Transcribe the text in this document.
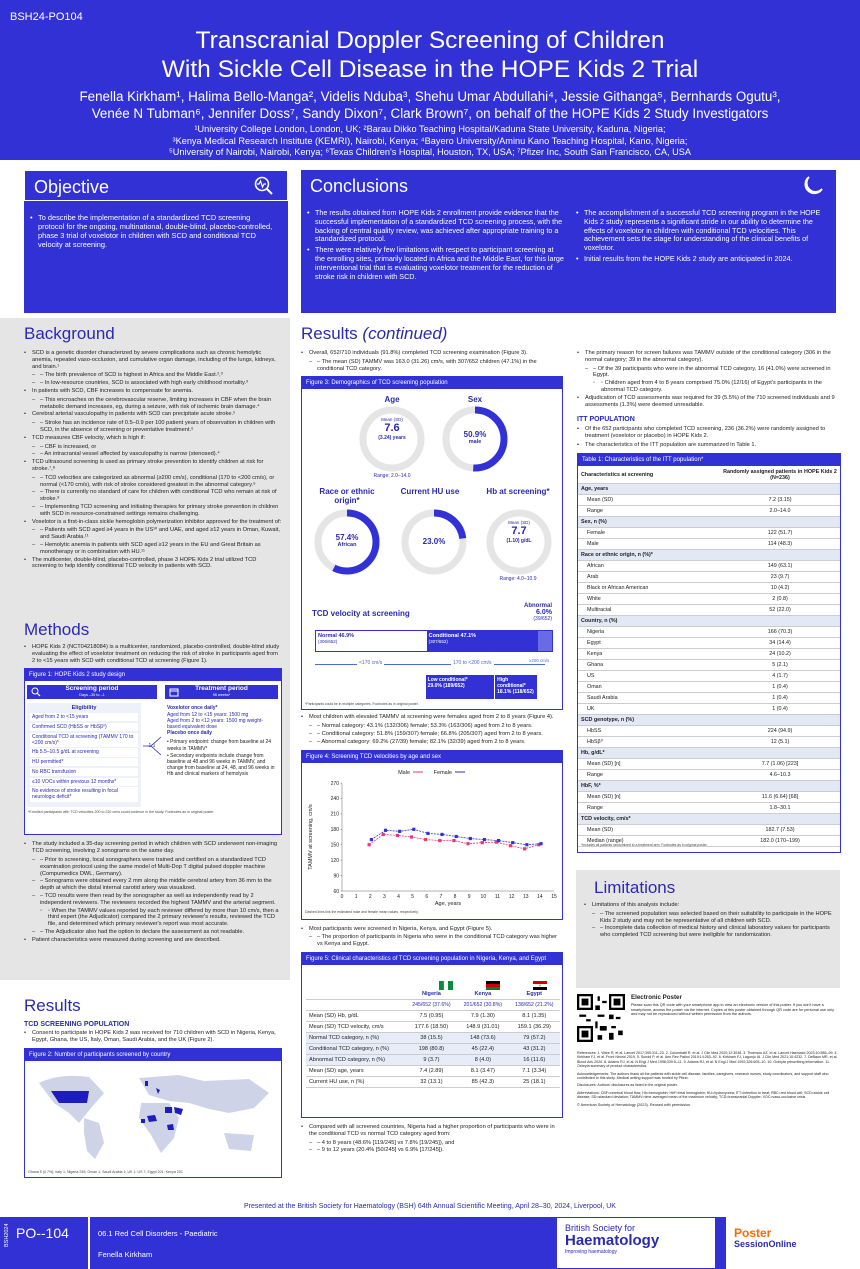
BSH24-PO104
Transcranial Doppler Screening of Children
With Sickle Cell Disease in the HOPE Kids 2 Trial
Fenella Kirkham¹, Halima Bello-Manga², Videlis Nduba³, Shehu Umar Abdullahi⁴, Jessie Githanga⁵, Bernhards Ogutu³,
Venée N Tubman⁶, Jennifer Doss⁷, Sandy Dixon⁷, Clark Brown⁷, on behalf of the HOPE Kids 2 Study Investigators
¹University College London, London, UK; ²Barau Dikko Teaching Hospital/Kaduna State University, Kaduna, Nigeria;
³Kenya Medical Research Institute (KEMRI), Nairobi, Kenya; ⁴Bayero University/Aminu Kano Teaching Hospital, Kano, Nigeria;
⁵University of Nairobi, Nairobi, Kenya; ⁶Texas Children's Hospital, Houston, TX, USA; ⁷Pfizer Inc, South San Francisco, CA, USA
Objective
• To describe the implementation of a standardized TCD screening protocol for the ongoing, multinational, double-blind, placebo-controlled, phase 3 trial of voxelotor in children with SCD and conditional TCD velocity at screening.
Conclusions
• The results obtained from HOPE Kids 2 enrollment provide evidence that the successful implementation of a standardized TCD screening process, with the backing of central quality review, was achieved after appropriate training to a standardized protocol.
• There were relatively few limitations with respect to participant screening at the enrolling sites, primarily located in Africa and the Middle East, for this large interventional trial that is evaluating voxelotor treatment for the reduction of stroke risk in children with SCD.
• The accomplishment of a successful TCD screening program in the HOPE Kids 2 study represents a significant stride in our ability to determine the effects of voxelotor in children with conditional TCD velocities. This achievement sets the stage for understanding of the clinical benefits of voxelotor.
• Initial results from the HOPE Kids 2 study are anticipated in 2024.
Background
• SCD is a genetic disorder characterized by severe complications such as chronic hemolytic anemia, repeated vaso-occlusion, and cumulative organ damage, including of the lungs, kidneys, and brain.¹
– – The birth prevalence of SCD is highest in Africa and the Middle East.²,³
– – In low-resource countries, SCD is associated with high early childhood mortality.³
• In patients with SCD, CBF increases to compensate for anemia.
– – This encroaches on the cerebrovascular reserve, limiting increases in CBF when the brain metabolic demand increases, eg, during a seizure, with risk of ischemic brain damage.⁴
• Cerebral arterial vasculopathy in patients with SCD can precipitate acute stroke.⁵
– – Stroke has an incidence rate of 0.5–0.9 per 100 patient years of observation in children with SCD, in the absence of screening or preventative treatment.⁶
• TCD measures CBF velocity, which is high if:
– – CBF is increased, or
– – An intracranial vessel affected by vasculopathy is narrow (stenosed).⁴
• TCD ultrasound screening is used as primary stroke prevention to identify children at risk for stroke.⁷,⁸
– – TCD velocities are categorized as abnormal (≥200 cm/s), conditional (170 to <200 cm/s), or normal (<170 cm/s), with risk of stroke considered greatest in the abnormal category.⁹
– – There is currently no standard of care for children with conditional TCD who remain at risk of stroke.⁸
– – Implementing TCD screening and initiating therapies for primary stroke prevention in children with SCD in resource-constrained settings remains challenging.
• Voxelotor is a first-in-class sickle hemoglobin polymerization inhibitor approved for the treatment of:
– – Patients with SCD aged ≥4 years in the US¹⁰ and UAE, and aged ≥12 years in Oman, Kuwait, and Saudi Arabia.¹¹
– – Hemolytic anemia in patients with SCD aged ≥12 years in the EU and Great Britain as monotherapy or in combination with HU.¹¹
• The multicenter, double-blind, placebo-controlled, phase 3 HOPE Kids 2 trial utilized TCD screening to help identify conditional TCD velocity in patients with SCD.
Methods
• HOPE Kids 2 (NCT04218084) is a multicenter, randomized, placebo-controlled, double-blind study evaluating the effect of voxelotor treatment on reducing the risk of stroke in participants aged from 2 to <15 years with SCD with conditional TCD at screening (Figure 1).
Figure 1: HOPE Kids 2 study design
Screening period
Days –35 to –1
Treatment period
96 weeks*
Eligibility
Aged from 2 to <15 years
Confirmed SCD (HbSS or HbSβ⁰)
Conditional TCD at screening (TAMMV 170 to <200 cm/s)*
Hb 5.5–10.5 g/dL at screening
HU permitted*
No RBC transfusion
≤10 VOCs within previous 12 months*
No evidence of stroke resulting in focal neurologic deficit*
1:1
Voxelotor once daily*
Aged from 12 to <15 years: 1500 mg
Aged from 2 to <12 years: 1500 mg weight-based equivalent dose
Placebo once daily
• Primary endpoint: change from baseline at 24 weeks in TAMMV*
• Secondary endpoints include change from baseline at 48 and 96 weeks in TAMMV, and change from baseline at 24, 48, and 96 weeks in Hb and clinical markers of hemolysis
*Enrolled participants with TCD velocities 200 to 220 cm/s could continue in the study. Footnotes as in original poster.
• The study included a 35-day screening period in which children with SCD underwent non-imaging TCD screening, involving 2 sonograms on the same day.
– – Prior to screening, local sonographers were trained and certified on a standardized TCD examination protocol using the same model of Multi-Dop T digital pulsed doppler machine (Compumedics DWL, Germany).
– – Sonograms were obtained every 2 mm along the middle cerebral artery from 36 mm to the depth at which the distal internal carotid artery was visualized.
– – TCD results were then read by the sonographer as well as independently read by 2 independent reviewers. The reviewers recorded the highest TAMMV and the arterial segment.
◦ ◦ When the TAMMV values reported by each reviewer differed by more than 10 cm/s, then a third expert (the Adjudicator) compared the 2 primary reviewer's results, reviewed the TCD file, and determined which primary reviewer's report was most accurate.
– – The Adjudicator also had the option to declare the assessment as not readable.
• Patient characteristics were measured during screening and are described.
Results
TCD SCREENING POPULATION
• Consent to participate in HOPE Kids 2 was received for 710 children with SCD in Nigeria, Kenya, Egypt, Ghana, the US, Italy, Oman, Saudi Arabia, and the UK (Figure 2).
Figure 2: Number of participants screened by country
Ghana 5 (0.7%); Italy 1; Nigeria 245; Oman 1; Saudi Arabia 1; UK 1; US 7; Egypt 201; Kenya 201
Results (continued)
• Overall, 652/710 individuals (91.8%) completed TCD screening examination (Figure 3).
– – The mean (SD) TAMMV was 163.0 (31.26) cm/s, with 307/652 children (47.1%) in the conditional TCD category.
Figure 3: Demographics of TCD screening population
Age
Mean (SD)
7.6
(3.24) years
Range: 2.0–14.0
Sex
50.9%
male
Race or ethnic origin*
57.4%
African
Current HU use
23.0%
Hb at screening*
Mean (SD)
7.7
(1.10) g/dL
Range: 4.0–10.9
TCD velocity at screening
Abnormal
6.0%
(39/652)
Normal 46.9%
(306/652)
Conditional 47.1%
(307/652)
<170 cm/s	170 to <200 cm/s	≥200 cm/s
Low conditional*
29.0% (189/652)
High conditional*
18.1% (118/652)
*Participants could be in multiple categories. Footnotes as in original poster.
• Most children with elevated TAMMV at screening were females aged from 2 to 8 years (Figure 4).
– – Normal category: 43.1% (132/306) female; 53.3% (163/306) aged from 2 to 8 years.
– – Conditional category: 51.8% (159/307) female; 66.8% (205/307) aged from 2 to 8 years.
– – Abnormal category: 69.2% (27/39) female; 82.1% (32/39) aged from 2 to 8 years.
Figure 4: Screening TCD velocities by age and sex
Male	Female
60
90
120
150
180
210
240
270
0 1 2 3 4 5 6 7 8 9 10 11 12 13 14 15
Age, years
TAMMV at screening, cm/s
Dashed lines link the estimated male and female mean values, respectively.
• Most participants were screened in Nigeria, Kenya, and Egypt (Figure 5).
– – The proportion of participants in Nigeria who were in the conditional TCD category was higher vs Kenya and Egypt.
Figure 5: Clinical characteristics of TCD screening population in Nigeria, Kenya, and Egypt
	Nigeria	Kenya	Egypt
	245/652 (37.6%)	201/652 (30.8%)	138/652 (21.2%)
Mean (SD) Hb, g/dL	7.5 (0.95)	7.9 (1.30)	8.1 (1.35)
Mean (SD) TCD velocity, cm/s	177.6 (18.50)	148.9 (31.01)	159.1 (36.29)
Normal TCD category, n (%)	38 (15.5)	148 (73.6)	79 (57.2)
Conditional TCD category, n (%)	198 (80.8)	45 (22.4)	43 (31.2)
Abnormal TCD category, n (%)	9 (3.7)	8 (4.0)	16 (11.6)
Mean (SD) age, years	7.4 (2.89)	8.1 (3.47)	7.1 (3.34)
Current HU use, n (%)	32 (13.1)	85 (42.3)	25 (18.1)
• Compared with all screened countries, Nigeria had a higher proportion of participants who were in the conditional TCD vs normal TCD category aged from:
– – 4 to 8 years (48.6% [119/245] vs 7.8% [19/245]), and
– – 9 to 12 years (20.4% [50/245] vs 6.9% [17/245]).
• The primary reason for screen failures was TAMMV outside of the conditional category (306 in the normal category; 39 in the abnormal category).
– – Of the 39 participants who were in the abnormal TCD category, 16 (41.0%) were screened in Egypt.
◦ ◦ Children aged from 4 to 8 years comprised 75.0% (12/16) of Egypt's participants in the abnormal TCD category.
• Adjudication of TCD assessments was required for 39 (5.5%) of the 710 screened individuals and 9 assessments (1.3%) were deemed unreadable.
ITT POPULATION
• Of the 652 participants who completed TCD screening, 236 (36.2%) were randomly assigned to treatment (voxelotor or placebo) in HOPE Kids 2.
• The characteristics of the ITT population are summarized in Table 1.
Table 1: Characteristics of the ITT population*
Characteristics at screening	Randomly assigned patients in HOPE Kids 2 (N=236)
Age, years	
Mean (SD)	7.2 (3.15)
Range	2.0–14.0
Sex, n (%)	
Female	122 (51.7)
Male	114 (48.3)
Race or ethnic origin, n (%)*	
African	149 (63.1)
Arab	23 (9.7)
Black or African American	10 (4.2)
White	2 (0.8)
Multiracial	52 (22.0)
Country, n (%)	
Nigeria	166 (70.3)
Egypt	34 (14.4)
Kenya	24 (10.2)
Ghana	5 (2.1)
US	4 (1.7)
Oman	1 (0.4)
Saudi Arabia	1 (0.4)
UK	1 (0.4)
SCD genotype, n (%)	
HbSS	224 (94.9)
HbSβ⁰	12 (5.1)
Hb, g/dL*	
Mean (SD) [n]	7.7 (1.06) [223]
Range	4.6–10.3
HbF, %*	
Mean (SD) [n]	11.6 (6.64) [68]
Range	1.8–30.1
TCD velocity, cm/s*	
Mean (SD)	182.7 (7.53)
Median (range)	182.0 (170–199)
*Includes all patients randomized to a treatment arm. Footnotes as in original poster.
Limitations
• Limitations of this analysis include:
– – The screened population was selected based on their suitability to participate in the HOPE Kids 2 study and may not be representative of all children with SCD.
– – Incomplete data collection of medical history and clinical laboratory values for participants who completed TCD screening but were ineligible for randomization.
Electronic Poster
Please scan this QR code with your smartphone app to view an electronic version of this poster. If you don't have a smartphone, access the poster via the internet. Copies of this poster obtained through QR code are for personal use only and may not be reproduced without written permission from the authors.
References: 1. Ware R, et al. Lancet 2017;390:311–23. 2. Colombatti R, et al. J Clin Med 2020;12:3038. 3. Thomson AZ, et al. Lancet Haematol 2023;10:585–99. 4. Kirkham FJ, et al. Front Neurol 2019. 5. Sundd P, et al. Ann Rev Pathol 2019;14:263–92. 6. Kirkham FJ, Lagunju IA. J Clin Med 2021;10:4232. 7. DeBaun MR, et al. Blood Adv 2020. 8. Adams RJ, et al. N Engl J Med 1998;339:5–11. 9. Adams RJ, et al. N Engl J Med 1992;326:605–10. 10. Oxbryta prescribing information. 11. Oxbryta summary of product characteristics.
Acknowledgements: The authors thank all the patients with sickle cell disease, families, caregivers, research nurses, study coordinators, and support staff who contributed to this study. Medical writing support was funded by Pfizer.
Disclosures: Authors' disclosures as listed in the original poster.
Abbreviations: CBF=cerebral blood flow; Hb=hemoglobin; HbF=fetal hemoglobin; HU=hydroxyurea; ITT=intention to treat; RBC=red blood cell; SCD=sickle cell disease; SD=standard deviation; TAMMV=time-averaged mean of the maximum velocity; TCD=transcranial Doppler; VOC=vaso-occlusive crisis.
© American Society of Hematology (2023). Reused with permission.
Presented at the British Society for Haematology (BSH) 64th Annual Scientific Meeting, April 28–30, 2024, Liverpool, UK
BSH2024 PO--104	06.1 Red Cell Disorders - Paediatric
Fenella Kirkham
British Society for
Haematology
Improving haematology
Poster
SessionOnline
